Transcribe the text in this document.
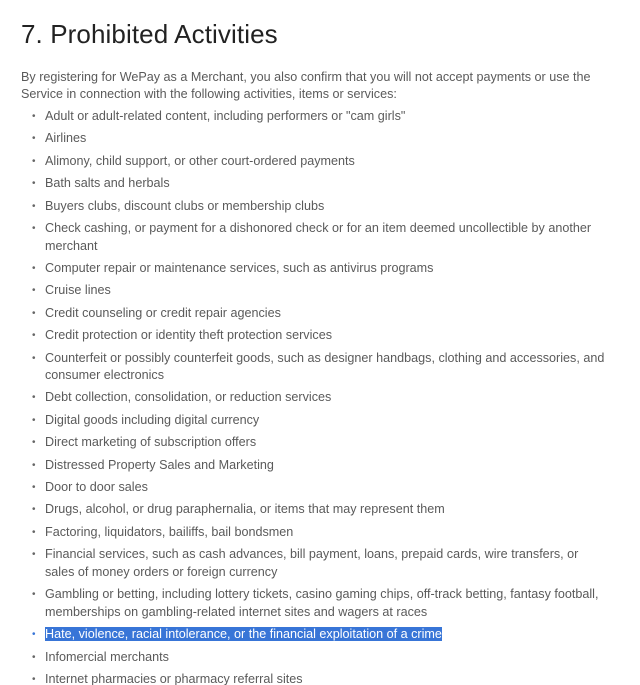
7. Prohibited Activities

By registering for WePay as a Merchant, you also confirm that you will not accept payments or use the Service in connection with the following activities, items or services:

• Adult or adult-related content, including performers or "cam girls"
• Airlines
• Alimony, child support, or other court-ordered payments
• Bath salts and herbals
• Buyers clubs, discount clubs or membership clubs
• Check cashing, or payment for a dishonored check or for an item deemed uncollectible by another merchant
• Computer repair or maintenance services, such as antivirus programs
• Cruise lines
• Credit counseling or credit repair agencies
• Credit protection or identity theft protection services
• Counterfeit or possibly counterfeit goods, such as designer handbags, clothing and accessories, and consumer electronics
• Debt collection, consolidation, or reduction services
• Digital goods including digital currency
• Direct marketing of subscription offers
• Distressed Property Sales and Marketing
• Door to door sales
• Drugs, alcohol, or drug paraphernalia, or items that may represent them
• Factoring, liquidators, bailiffs, bail bondsmen
• Financial services, such as cash advances, bill payment, loans, prepaid cards, wire transfers, or sales of money orders or foreign currency
• Gambling or betting, including lottery tickets, casino gaming chips, off-track betting, fantasy football, memberships on gambling-related internet sites and wagers at races
• Hate, violence, racial intolerance, or the financial exploitation of a crime
• Infomercial merchants
• Internet pharmacies or pharmacy referral sites
